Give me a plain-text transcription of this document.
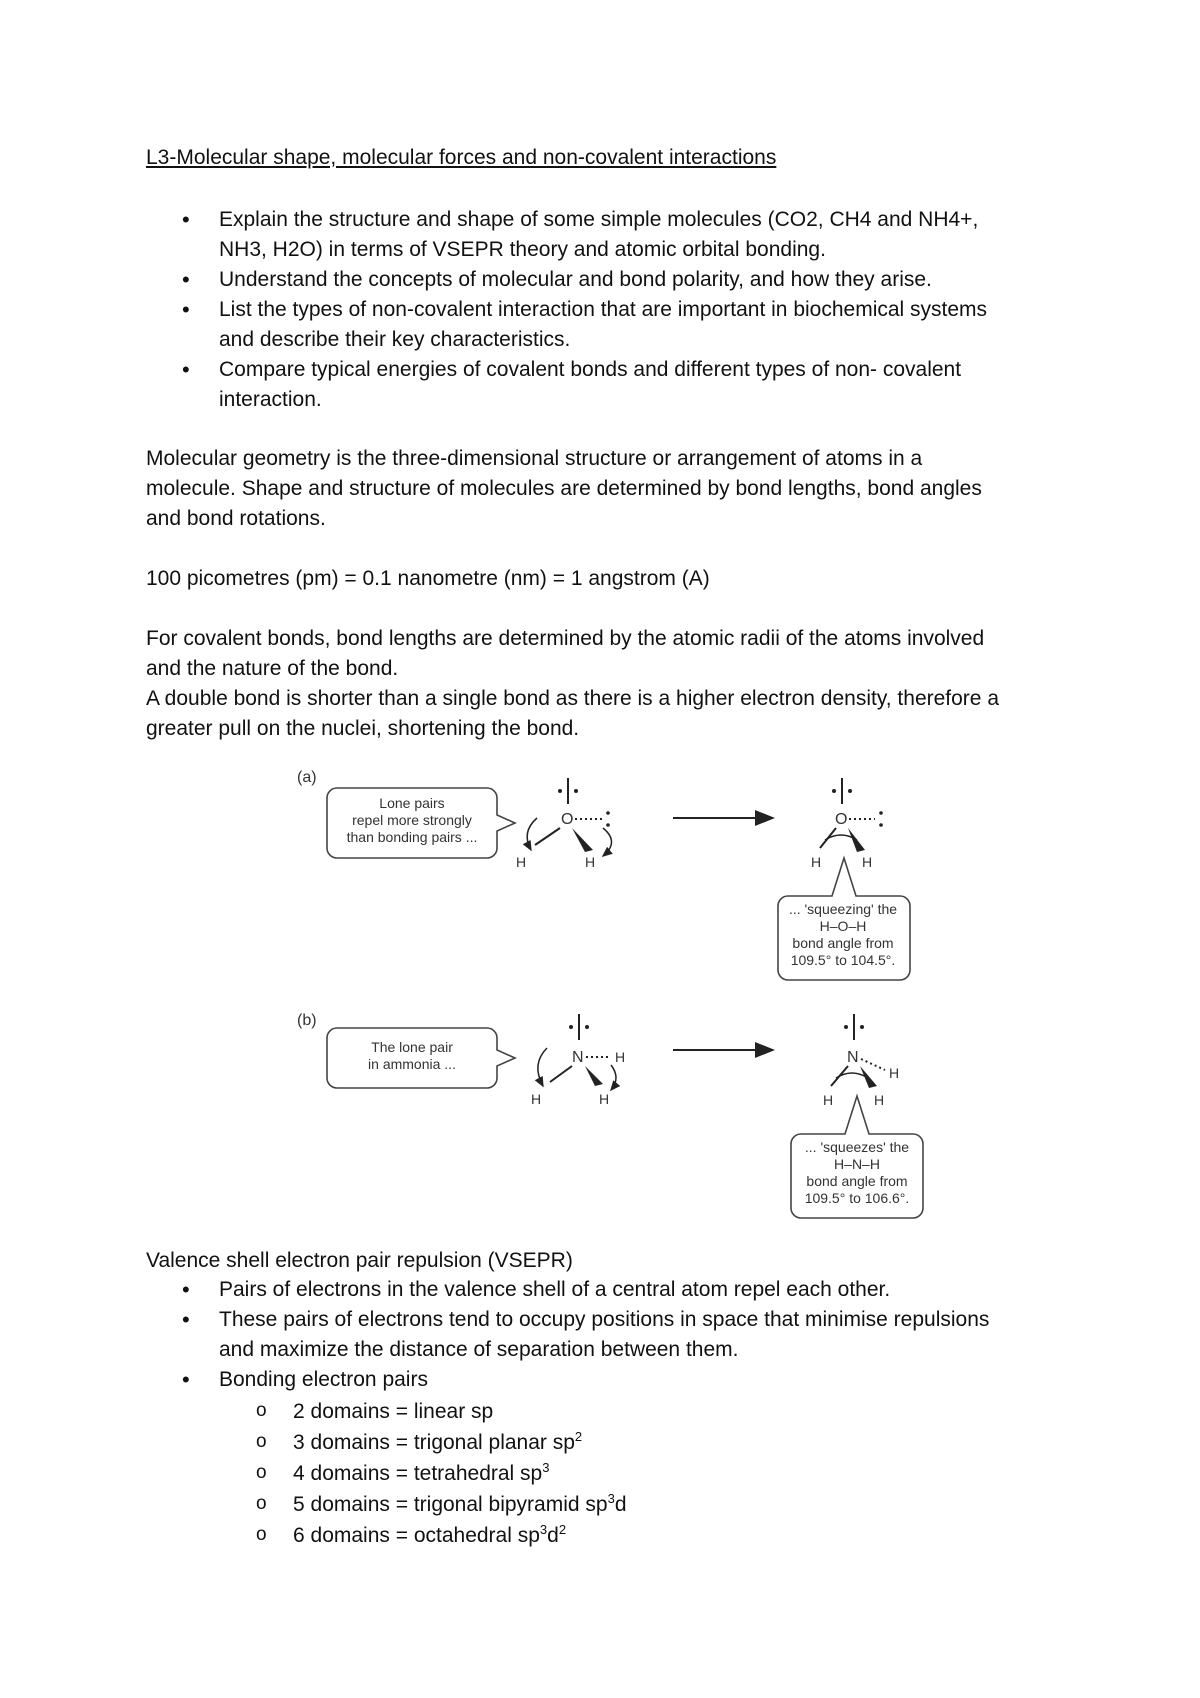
L3-Molecular shape, molecular forces and non-covalent interactions
• Explain the structure and shape of some simple molecules (CO2, CH4 and NH4+,
NH3, H2O) in terms of VSEPR theory and atomic orbital bonding.
• Understand the concepts of molecular and bond polarity, and how they arise.
• List the types of non-covalent interaction that are important in biochemical systems
and describe their key characteristics.
• Compare typical energies of covalent bonds and different types of non- covalent
interaction.
Molecular geometry is the three-dimensional structure or arrangement of atoms in a
molecule. Shape and structure of molecules are determined by bond lengths, bond angles
and bond rotations.
100 picometres (pm) = 0.1 nanometre (nm) = 1 angstrom (A)
For covalent bonds, bond lengths are determined by the atomic radii of the atoms involved
and the nature of the bond.
A double bond is shorter than a single bond as there is a higher electron density, therefore a
greater pull on the nuclei, shortening the bond.
(a)
Lone pairs
repel more strongly
than bonding pairs ...
O
H	H
O
H	H
... 'squeezing' the
H–O–H
bond angle from
109.5° to 104.5°.
(b)
The lone pair
in ammonia ...	N H
H	H
N
H
H	H
... 'squeezes' the
H–N–H
bond angle from
109.5° to 106.6°.
Valence shell electron pair repulsion (VSEPR)
• Pairs of electrons in the valence shell of a central atom repel each other.
• These pairs of electrons tend to occupy positions in space that minimise repulsions
and maximize the distance of separation between them.
• Bonding electron pairs
o 2 domains = linear sp
o 3 domains = trigonal planar $sp^2$
o 4 domains = tetrahedral $sp^3$
o 5 domains = trigonal bipyramid $sp^3d$
o 6 domains = octahedral $sp^3d^2$
